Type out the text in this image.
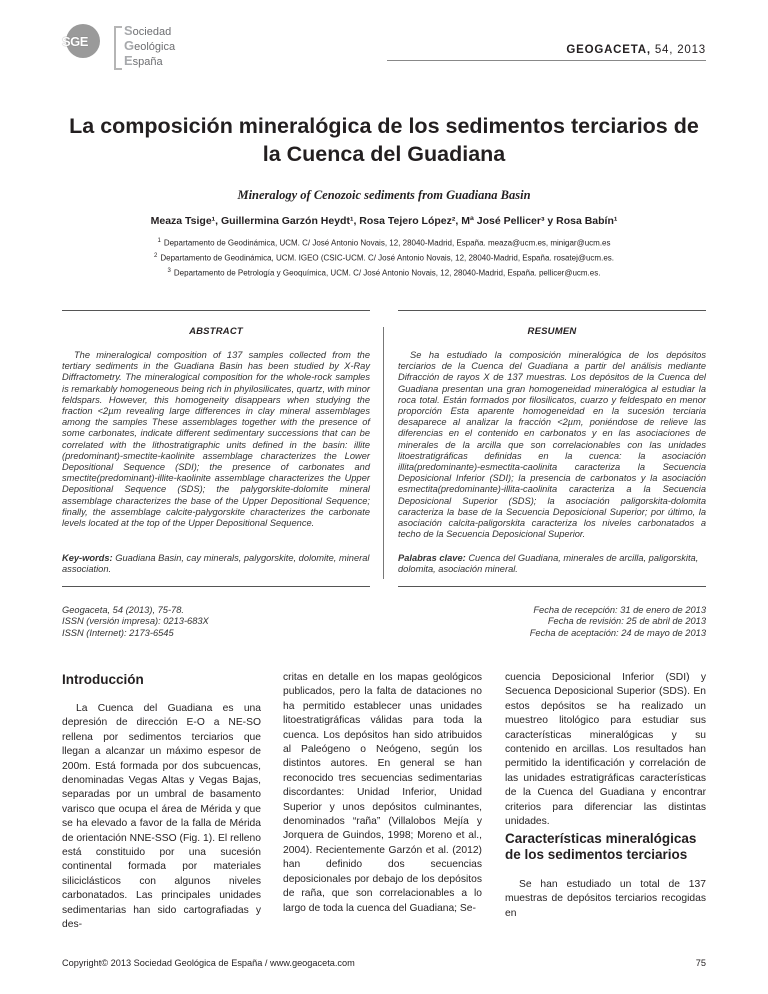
SGE
Sociedad
Geológica
España
GEOGACETA, 54, 2013
La composición mineralógica de los sedimentos terciarios de la Cuenca del Guadiana
Mineralogy of Cenozoic sediments from Guadiana Basin
Meaza Tsige¹, Guillermina Garzón Heydt¹, Rosa Tejero López², Mª José Pellicer³ y Rosa Babín¹
$^1$ Departamento de Geodinámica, UCM. C/ José Antonio Novais, 12, 28040-Madrid, España. meaza@ucm.es, minigar@ucm.es
$^2$ Departamento de Geodinámica, UCM. IGEO (CSIC-UCM. C/ José Antonio Novais, 12, 28040-Madrid, España. rosatej@ucm.es.
$^3$ Departamento de Petrología y Geoquímica, UCM. C/ José Antonio Novais, 12, 28040-Madrid, España. pellicer@ucm.es.
ABSTRACT	RESUMEN
The mineralogical composition of 137 samples collected from the tertiary sediments in the Guadiana Basin has been studied by X-Ray Diffractometry. The mineralogical composition for the whole-rock samples is remarkably homogeneous being rich in phyilosilicates, quartz, with minor feldspars. However, this homogeneity disappears when studying the fraction <2µm revealing large differences in clay mineral assemblages among the samples These assemblages together with the presence of some carbonates, indicate different sedimentary successions that can be correlated with the lithostratigraphic units defined in the basin: illite (predominant)-smectite-kaolinite assemblage characterizes the Lower Depositional Sequence (SDI); the presence of carbonates and smectite(predominant)-illite-kaolinite assemblage characterizes the Upper Depositional Sequence (SDS); the palygorskite-dolomite mineral assemblage characterizes the base of the Upper Depositional Sequence; finally, the assemblage calcite-palygorskite characterizes the carbonate levels located at the top of the Upper Depositional Sequence.
Se ha estudiado la composición mineralógica de los depósitos terciarios de la Cuenca del Guadiana a partir del análisis mediante Difracción de rayos X de 137 muestras. Los depósitos de la Cuenca del Guadiana presentan una gran homogeneidad mineralógica al estudiar la roca total. Están formados por filosilicatos, cuarzo y feldespato en menor proporción Esta aparente homogeneidad en la sucesión terciaria desaparece al analizar la fracción <2µm, poniéndose de relieve las diferencias en el contenido en carbonatos y en las asociaciones de minerales de la arcilla que son correlacionables con las unidades litoestratigráficas definidas en la cuenca: la asociación illita(predominante)-esmectita-caolinita caracteriza la Secuencia Deposicional Inferior (SDI); la presencia de carbonatos y la asociación esmectita(predominante)-illita-caolinita caracteriza a la Secuencia Deposicional Superior (SDS); la asociación paligorskita-dolomita caracteriza la base de la Secuencia Deposicional Superior; por último, la asociación calcita-paligorskita caracteriza los niveles carbonatados a techo de la Secuencia Deposicional Superior.
Key-words: Guadiana Basin, cay minerals, palygorskite, dolomite, mineral association.
Palabras clave: Cuenca del Guadiana, minerales de arcilla, paligorskita, dolomita, asociación mineral.
Geogaceta, 54 (2013), 75-78.
ISSN (versión impresa): 0213-683X
ISSN (Internet): 2173-6545
Fecha de recepción: 31 de enero de 2013
Fecha de revisión: 25 de abril de 2013
Fecha de aceptación: 24 de mayo de 2013
Introducción

La Cuenca del Guadiana es una depresión de dirección E-O a NE-SO rellena por sedimentos terciarios que llegan a alcanzar un máximo espesor de 200m. Está formada por dos subcuencas, denominadas Vegas Altas y Vegas Bajas, separadas por un umbral de basamento varisco que ocupa el área de Mérida y que se ha elevado a favor de la falla de Mérida de orientación NNE-SSO (Fig. 1). El relleno está constituido por una sucesión continental formada por materiales siliciclásticos con algunos niveles carbonatados. Las principales unidades sedimentarias han sido cartografiadas y des-

critas en detalle en los mapas geológicos publicados, pero la falta de dataciones no ha permitido establecer unas unidades litoestratigráficas válidas para toda la cuenca. Los depósitos han sido atribuidos al Paleógeno o Neógeno, según los distintos autores. En general se han reconocido tres secuencias sedimentarias discordantes: Unidad Inferior, Unidad Superior y unos depósitos culminantes, denominados “raña” (Villalobos Mejía y Jorquera de Guindos, 1998; Moreno et al., 2004). Recientemente Garzón et al. (2012) han definido dos secuencias deposicionales por debajo de los depósitos de raña, que son correlacionables a lo largo de toda la cuenca del Guadiana; Se-

cuencia Deposicional Inferior (SDI) y Secuenca Deposicional Superior (SDS). En estos depósitos se ha realizado un muestreo litológico para estudiar sus características mineralógicas y su contenido en arcillas. Los resultados han permitido la identificación y correlación de las unidades estratigráficas características de la Cuenca del Guadiana y encontrar criterios para diferenciar las distintas unidades.

Características mineralógicas de los sedimentos terciarios

Se han estudiado un total de 137 muestras de depósitos terciarios recogidas en

Copyright© 2013 Sociedad Geológica de España / www.geogaceta.com	75
